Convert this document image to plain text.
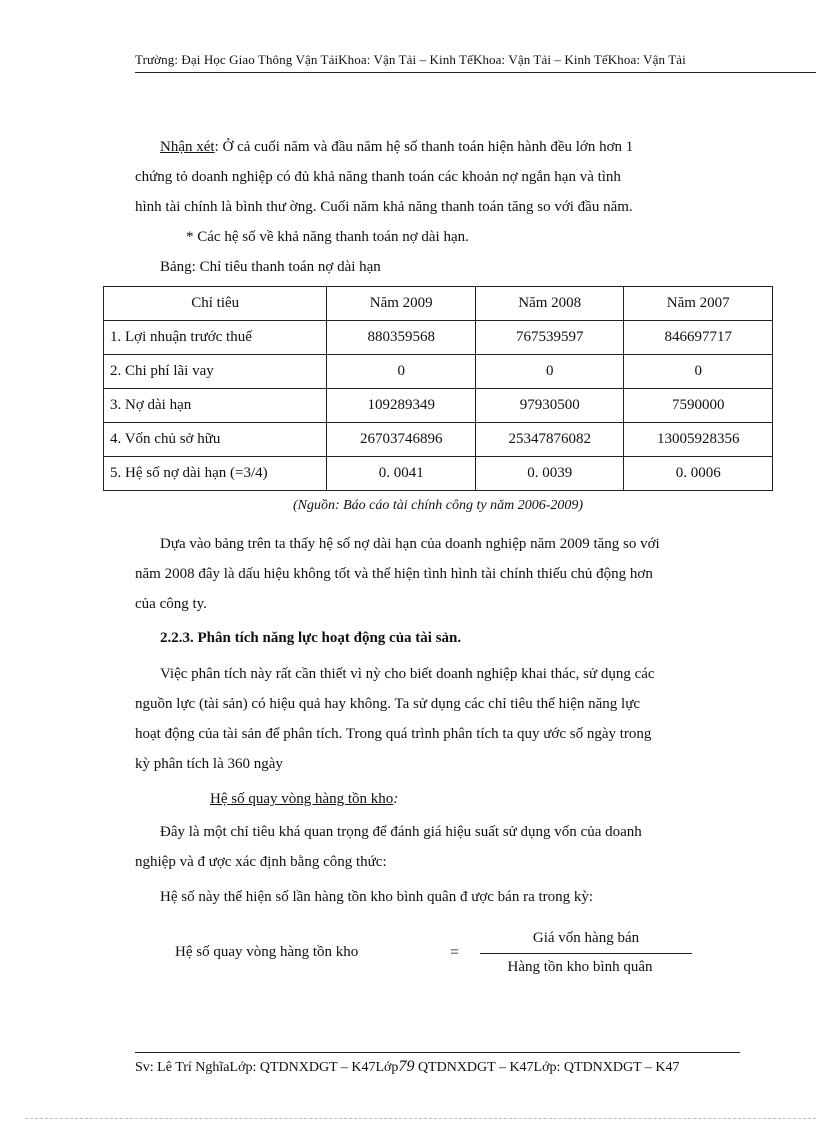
Trường: Đại Học Giao Thông Vận TảiKhoa: Vận Tải – Kinh TếKhoa: Vận Tải – Kinh TếKhoa: Vận Tải
Nhận xét: Ở cả cuối năm và đầu năm hệ số thanh toán hiện hành đều lớn hơn 1
chứng tỏ doanh nghiệp có đủ khả năng thanh toán các khoản nợ ngắn hạn và tình
hình tài chính là bình thư ờng. Cuối năm khả năng thanh toán tăng so với đầu năm.
* Các hệ số về khả năng thanh toán nợ dài hạn.
Bảng: Chỉ tiêu thanh toán nợ dài hạn
Chỉ tiêu	Năm 2009	Năm 2008	Năm 2007
1. Lợi nhuận trước thuế	880359568	767539597	846697717
2. Chi phí lãi vay	0	0	0
3. Nợ dài hạn	109289349	97930500	7590000
4. Vốn chủ sở hữu	26703746896	25347876082	13005928356
5. Hệ số nợ dài hạn (=3/4)	0. 0041	0. 0039	0. 0006
(Nguồn: Báo cáo tài chính công ty năm 2006-2009)
Dựa vào bảng trên ta thấy hệ số nợ dài hạn của doanh nghiệp năm 2009 tăng so với
năm 2008 đây là dấu hiệu không tốt và thể hiện tình hình tài chính thiếu chủ động hơn
của công ty.
2.2.3. Phân tích năng lực hoạt động của tài sản.
Việc phân tích này rất cần thiết vì nỳ cho biết doanh nghiệp khai thác, sử dụng các
nguồn lực (tài sản) có hiệu quả hay không. Ta sử dụng các chỉ tiêu thể hiện năng lực
hoạt động của tài sản để phân tích. Trong quá trình phân tích ta quy ước số ngày trong
kỳ phân tích là 360 ngày
Hệ số quay vòng hàng tồn kho:
Đây là một chỉ tiêu khá quan trọng để đánh giá hiệu suất sử dụng vốn của doanh
nghiệp và đ ược xác định bằng công thức:
Hệ số này thể hiện số lần hàng tồn kho bình quân đ ược bán ra trong kỳ:
Hệ số quay vòng hàng tồn kho	=
Giá vốn hàng bán
Hàng tồn kho bình quân
Sv: Lê Trí NghĩaLớp: QTDNXDGT – K47Lớp79 QTDNXDGT – K47Lớp: QTDNXDGT – K47
